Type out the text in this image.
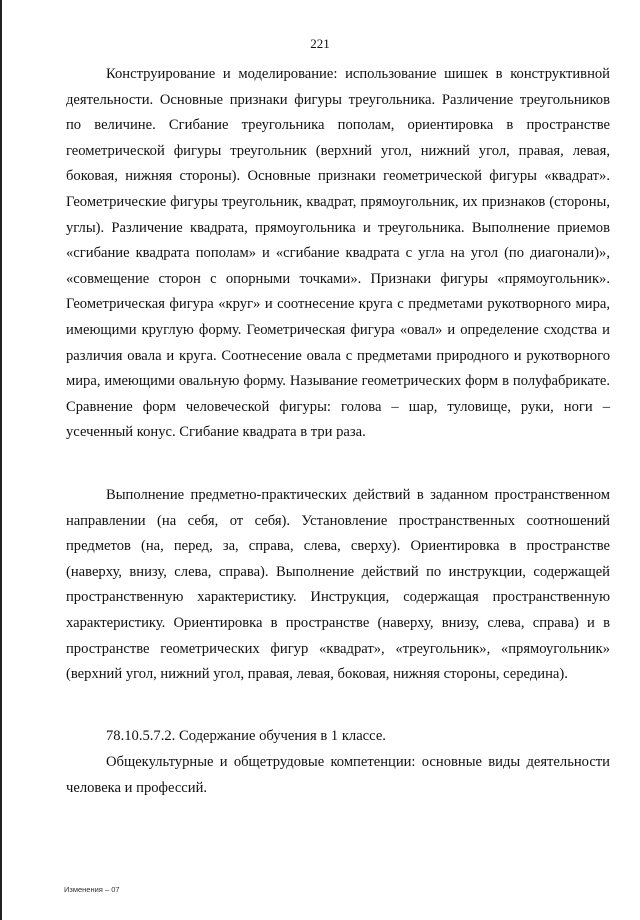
221

Конструирование и моделирование: использование шишек в конструктивной деятельности. Основные признаки фигуры треугольника. Различение треугольников по величине. Сгибание треугольника пополам, ориентировка в пространстве геометрической фигуры треугольник (верхний угол, нижний угол, правая, левая, боковая, нижняя стороны). Основные признаки геометрической фигуры «квадрат». Геометрические фигуры треугольник, квадрат, прямоугольник, их признаков (стороны, углы). Различение квадрата, прямоугольника и треугольника. Выполнение приемов «сгибание квадрата пополам» и «сгибание квадрата с угла на угол (по диагонали)», «совмещение сторон с опорными точками». Признаки фигуры «прямоугольник». Геометрическая фигура «круг» и соотнесение круга с предметами рукотворного мира, имеющими круглую форму. Геометрическая фигура «овал» и определение сходства и различия овала и круга. Соотнесение овала с предметами природного и рукотворного мира, имеющими овальную форму. Называние геометрических форм в полуфабрикате. Сравнение форм человеческой фигуры: голова – шар, туловище, руки, ноги – усеченный конус. Сгибание квадрата в три раза.

Выполнение предметно-практических действий в заданном пространственном направлении (на себя, от себя). Установление пространственных соотношений предметов (на, перед, за, справа, слева, сверху). Ориентировка в пространстве (наверху, внизу, слева, справа). Выполнение действий по инструкции, содержащей пространственную характеристику. Инструкция, содержащая пространственную характеристику. Ориентировка в пространстве (наверху, внизу, слева, справа) и в пространстве геометрических фигур «квадрат», «треугольник», «прямоугольник» (верхний угол, нижний угол, правая, левая, боковая, нижняя стороны, середина).

78.10.5.7.2. Содержание обучения в 1 классе.

Общекультурные и общетрудовые компетенции: основные виды деятельности человека и профессий.

Изменения – 07
